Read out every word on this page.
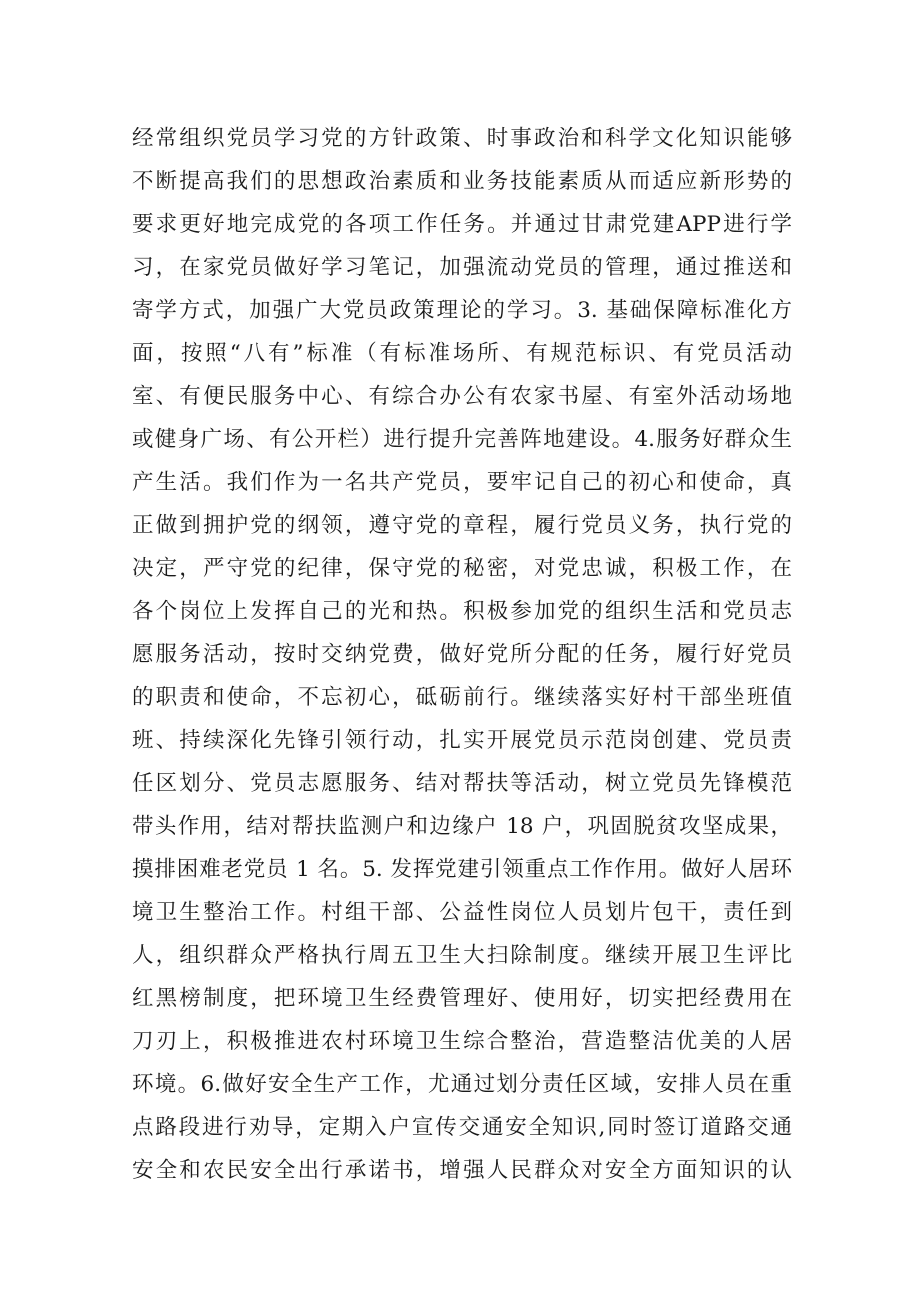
经常组织党员学习党的方针政策、时事政治和科学文化知识能够
不断提高我们的思想政治素质和业务技能素质从而适应新形势的
要求更好地完成党的各项工作任务。并通过甘肃党建APP进行学
习，在家党员做好学习笔记，加强流动党员的管理，通过推送和
寄学方式，加强广大党员政策理论的学习。3. 基础保障标准化方
面，按照“八有”标准（有标准场所、有规范标识、有党员活动
室、有便民服务中心、有综合办公有农家书屋、有室外活动场地
或健身广场、有公开栏）进行提升完善阵地建设。4.服务好群众生
产生活。我们作为一名共产党员，要牢记自己的初心和使命，真
正做到拥护党的纲领，遵守党的章程，履行党员义务，执行党的
决定，严守党的纪律，保守党的秘密，对党忠诚，积极工作，在
各个岗位上发挥自己的光和热。积极参加党的组织生活和党员志
愿服务活动，按时交纳党费，做好党所分配的任务，履行好党员
的职责和使命，不忘初心，砥砺前行。继续落实好村干部坐班值
班、持续深化先锋引领行动，扎实开展党员示范岗创建、党员责
任区划分、党员志愿服务、结对帮扶等活动，树立党员先锋模范
带头作用，结对帮扶监测户和边缘户 18 户，巩固脱贫攻坚成果，
摸排困难老党员 1 名。5. 发挥党建引领重点工作作用。做好人居环
境卫生整治工作。村组干部、公益性岗位人员划片包干，责任到
人，组织群众严格执行周五卫生大扫除制度。继续开展卫生评比
红黑榜制度，把环境卫生经费管理好、使用好，切实把经费用在
刀刃上，积极推进农村环境卫生综合整治，营造整洁优美的人居
环境。6.做好安全生产工作，尤通过划分责任区域，安排人员在重
点路段进行劝导，定期入户宣传交通安全知识,同时签订道路交通
安全和农民安全出行承诺书，增强人民群众对安全方面知识的认
